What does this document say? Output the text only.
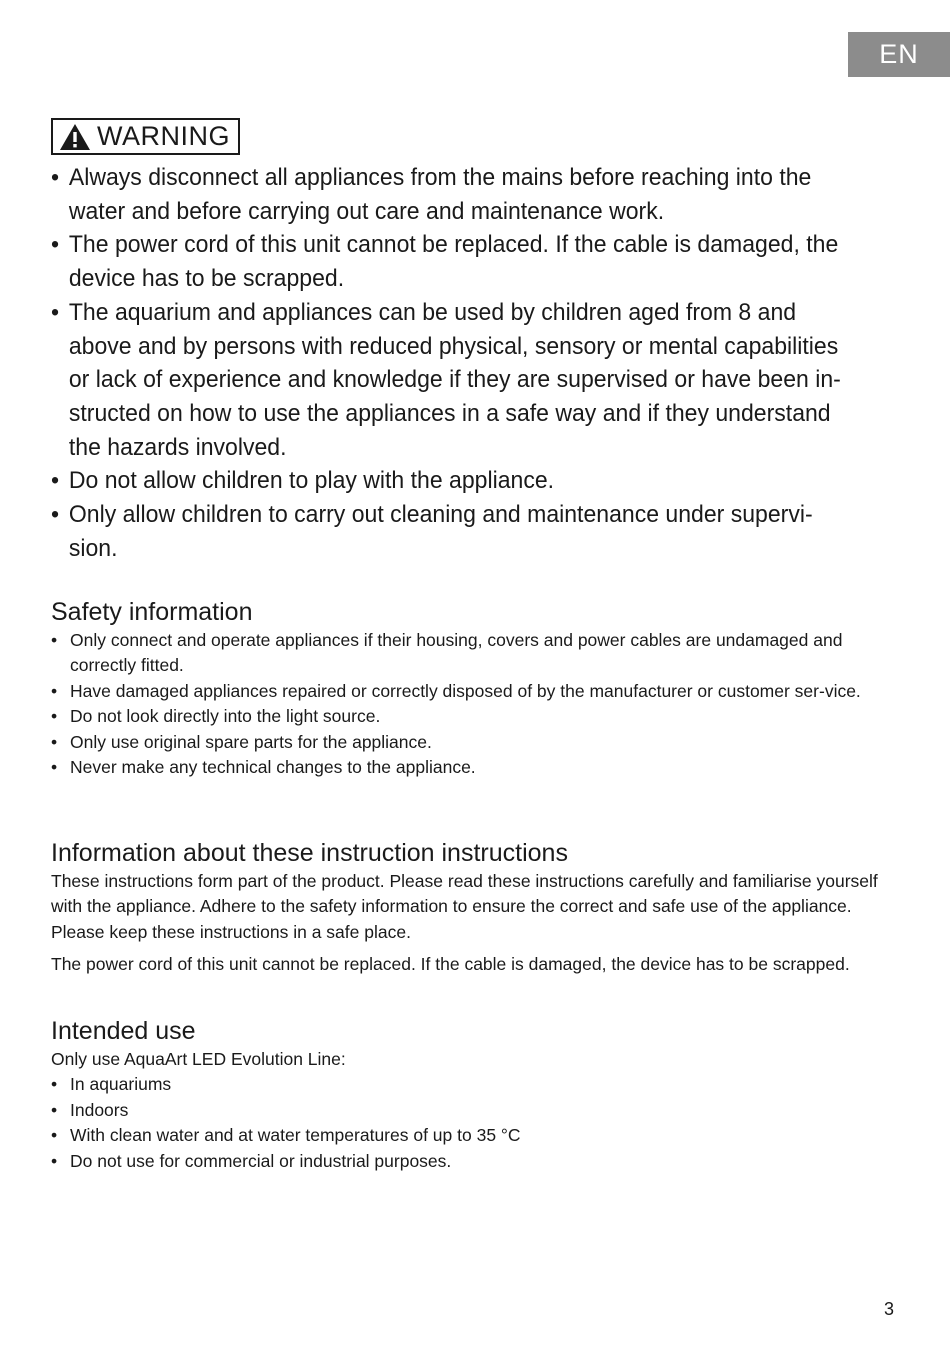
EN
WARNING
• Always disconnect all appliances from the mains before reaching into the water and before carrying out care and maintenance work.
• The power cord of this unit cannot be replaced. If the cable is damaged, the device has to be scrapped.
• The aquarium and appliances can be used by children aged from 8 and above and by persons with reduced physical, sensory or mental capabilities or lack of experience and knowledge if they are supervised or have been in-structed on how to use the appliances in a safe way and if they understand the hazards involved.
• Do not allow children to play with the appliance.
• Only allow children to carry out cleaning and maintenance under supervi-sion.
Safety information
• Only connect and operate appliances if their housing, covers and power cables are undamaged and correctly fitted.
• Have damaged appliances repaired or correctly disposed of by the manufacturer or customer ser-vice.
• Do not look directly into the light source.
• Only use original spare parts for the appliance.
• Never make any technical changes to the appliance.
Information about these instruction instructions

These instructions form part of the product. Please read these instructions carefully and familiarise yourself with the appliance. Adhere to the safety information to ensure the correct and safe use of the appliance. Please keep these instructions in a safe place.

The power cord of this unit cannot be replaced. If the cable is damaged, the device has to be scrapped.

Intended use

Only use AquaArt LED Evolution Line:

• In aquariums
• Indoors
• With clean water and at water temperatures of up to 35 °C
• Do not use for commercial or industrial purposes.
3
